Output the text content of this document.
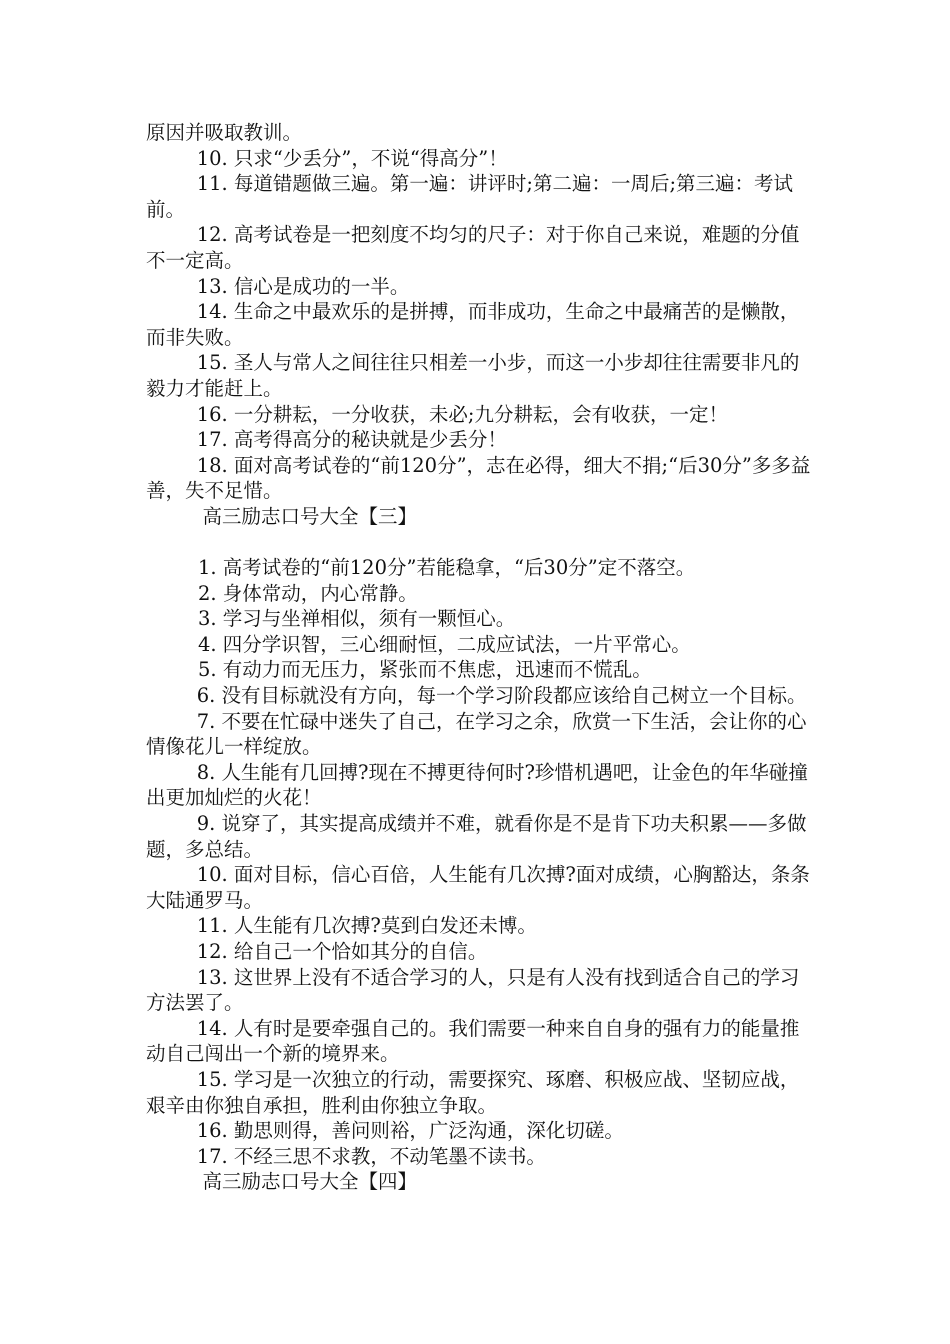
原因并吸取教训。

10. 只求“少丢分”，不说“得高分”！

11. 每道错题做三遍。第一遍：讲评时;第二遍：一周后;第三遍：考试前。

12. 高考试卷是一把刻度不均匀的尺子：对于你自己来说，难题的分值不一定高。

13. 信心是成功的一半。

14. 生命之中最欢乐的是拼搏，而非成功，生命之中最痛苦的是懒散，而非失败。

15. 圣人与常人之间往往只相差一小步，而这一小步却往往需要非凡的毅力才能赶上。

16. 一分耕耘，一分收获，未必;九分耕耘，会有收获，一定！

17. 高考得高分的秘诀就是少丢分！

18. 面对高考试卷的“前120分”，志在必得，细大不捐;“后30分”多多益善，失不足惜。

高三励志口号大全【三】

1. 高考试卷的“前120分”若能稳拿，“后30分”定不落空。

2. 身体常动，内心常静。

3. 学习与坐禅相似，须有一颗恒心。

4. 四分学识智，三心细耐恒，二成应试法，一片平常心。

5. 有动力而无压力，紧张而不焦虑，迅速而不慌乱。

6. 没有目标就没有方向，每一个学习阶段都应该给自己树立一个目标。

7. 不要在忙碌中迷失了自己，在学习之余，欣赏一下生活，会让你的心情像花儿一样绽放。

8. 人生能有几回搏?现在不搏更待何时?珍惜机遇吧，让金色的年华碰撞出更加灿烂的火花！

9. 说穿了，其实提高成绩并不难，就看你是不是肯下功夫积累——多做题，多总结。

10. 面对目标，信心百倍，人生能有几次搏?面对成绩，心胸豁达，条条大陆通罗马。

11. 人生能有几次搏?莫到白发还未博。

12. 给自己一个恰如其分的自信。

13. 这世界上没有不适合学习的人，只是有人没有找到适合自己的学习方法罢了。

14. 人有时是要牵强自己的。我们需要一种来自自身的强有力的能量推动自己闯出一个新的境界来。

15. 学习是一次独立的行动，需要探究、琢磨、积极应战、坚韧应战，艰辛由你独自承担，胜利由你独立争取。

16. 勤思则得，善问则裕，广泛沟通，深化切磋。

17. 不经三思不求教，不动笔墨不读书。

高三励志口号大全【四】
